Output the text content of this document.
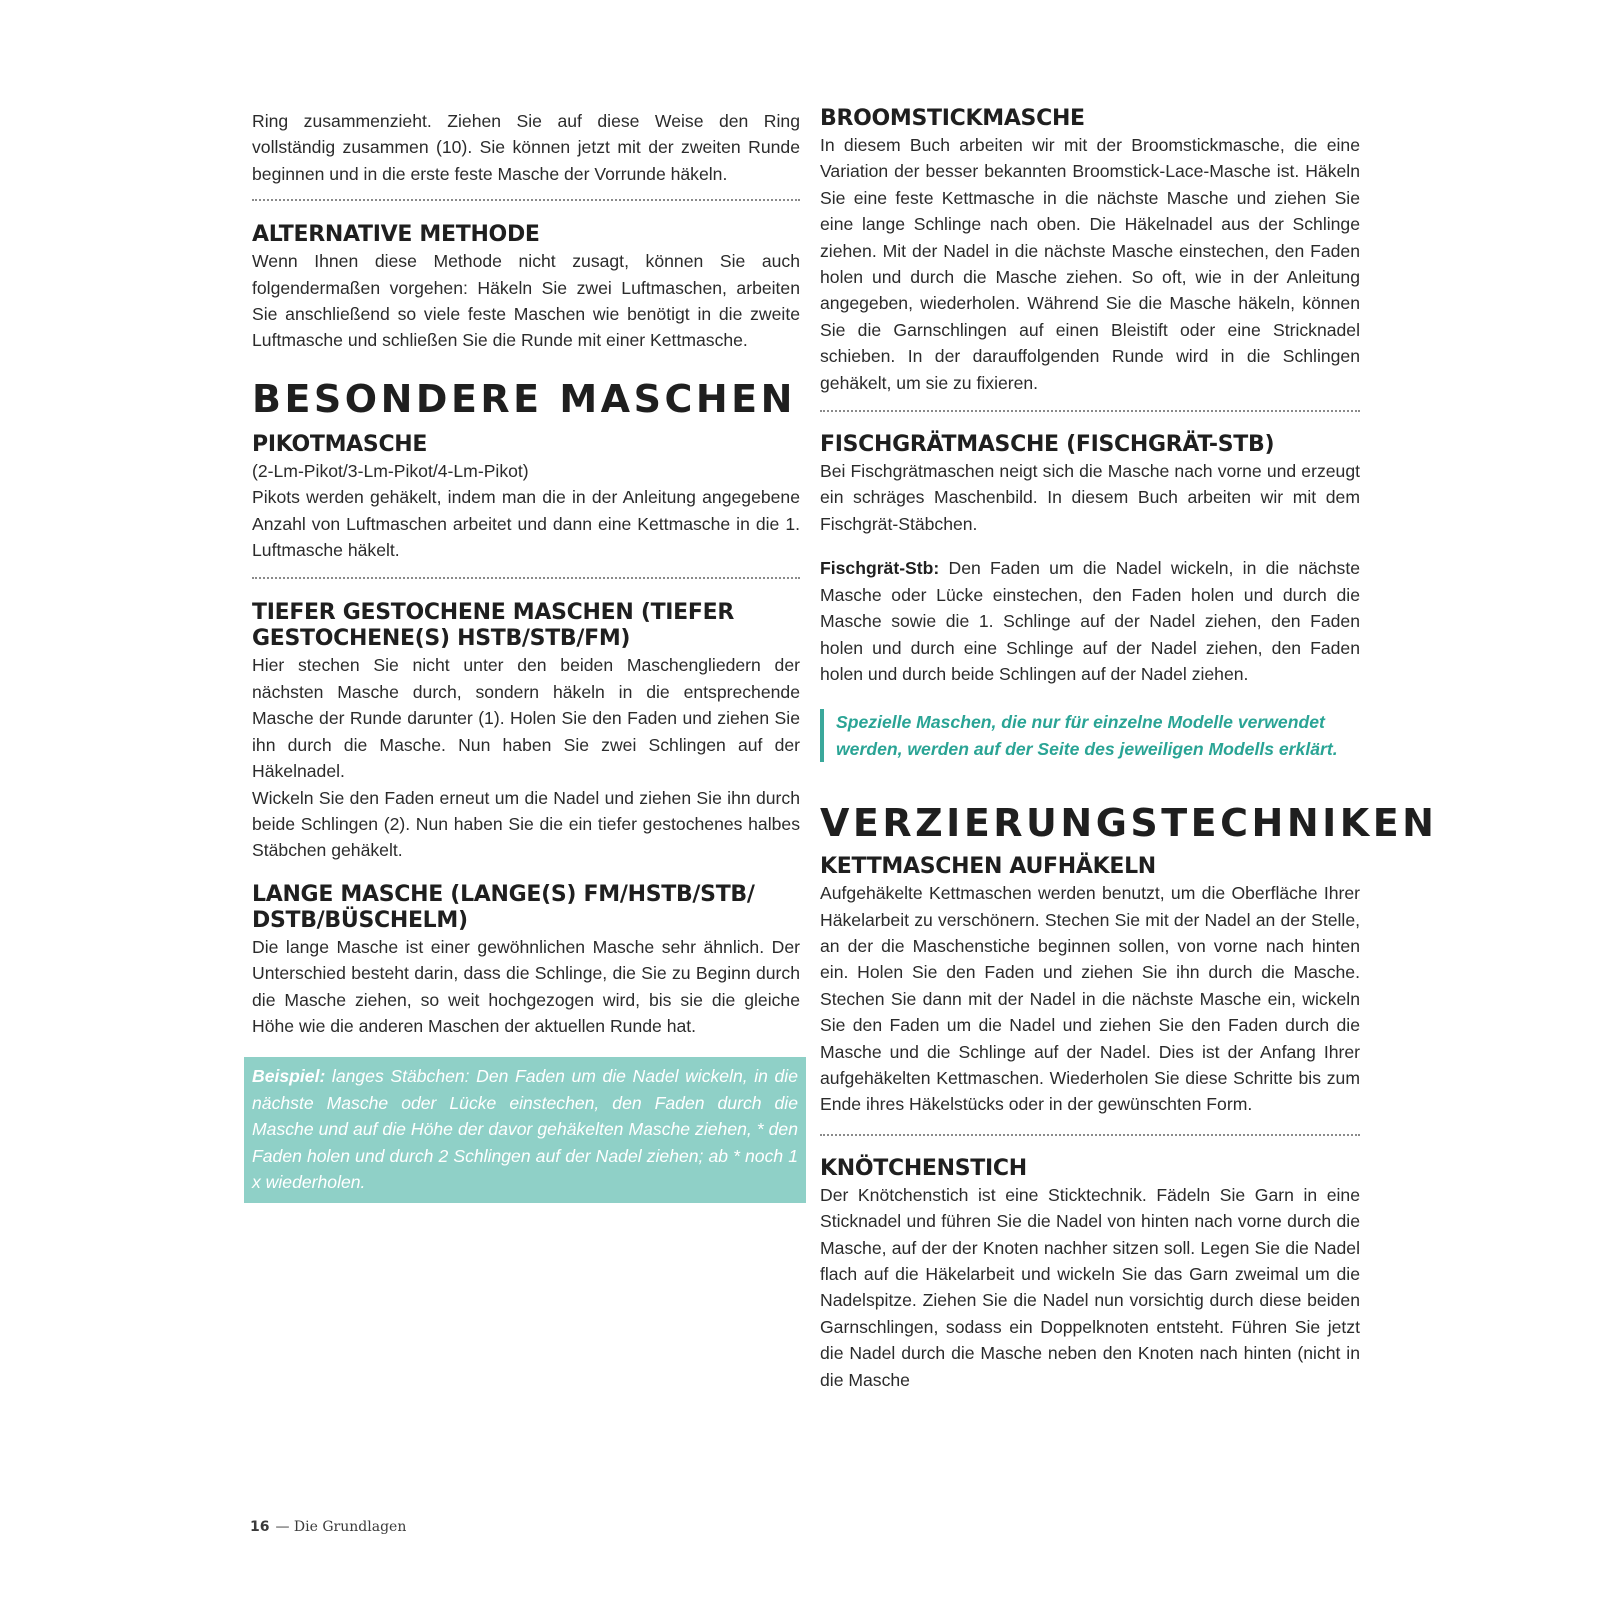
Ring zusammenzieht. Ziehen Sie auf diese Weise den Ring vollständig zusammen (10). Sie können jetzt mit der zweiten Runde beginnen und in die erste feste Masche der Vorrunde häkeln.

ALTERNATIVE METHODE

Wenn Ihnen diese Methode nicht zusagt, können Sie auch folgendermaßen vorgehen: Häkeln Sie zwei Luftmaschen, arbeiten Sie anschließend so viele feste Maschen wie benötigt in die zweite Luftmasche und schließen Sie die Runde mit einer Kettmasche.

BESONDERE MASCHEN
PIKOTMASCHE

(2-Lm-Pikot/3-Lm-Pikot/4-Lm-Pikot)

Pikots werden gehäkelt, indem man die in der Anleitung angegebene Anzahl von Luftmaschen arbeitet und dann eine Kettmasche in die 1. Luftmasche häkelt.

TIEFER GESTOCHENE MASCHEN (TIEFER GESTOCHENE(S) HSTB/STB/FM)

Hier stechen Sie nicht unter den beiden Maschengliedern der nächsten Masche durch, sondern häkeln in die entsprechende Masche der Runde darunter (1). Holen Sie den Faden und ziehen Sie ihn durch die Masche. Nun haben Sie zwei Schlingen auf der Häkelnadel.

Wickeln Sie den Faden erneut um die Nadel und ziehen Sie ihn durch beide Schlingen (2). Nun haben Sie die ein tiefer gestochenes halbes Stäbchen gehäkelt.

LANGE MASCHE (LANGE(S) FM/HSTB/STB/ DSTB/BÜSCHELM)

Die lange Masche ist einer gewöhnlichen Masche sehr ähnlich. Der Unterschied besteht darin, dass die Schlinge, die Sie zu Beginn durch die Masche ziehen, so weit hochgezogen wird, bis sie die gleiche Höhe wie die anderen Maschen der aktuellen Runde hat.

Beispiel: langes Stäbchen: Den Faden um die Nadel wickeln, in die nächste Masche oder Lücke einstechen, den Faden durch die Masche und auf die Höhe der davor gehäkelten Masche ziehen, * den Faden holen und durch 2 Schlingen auf der Nadel ziehen; ab * noch 1 x wiederholen.

BROOMSTICKMASCHE

In diesem Buch arbeiten wir mit der Broomstickmasche, die eine Variation der besser bekannten Broomstick-Lace-Masche ist. Häkeln Sie eine feste Kettmasche in die nächste Masche und ziehen Sie eine lange Schlinge nach oben. Die Häkelnadel aus der Schlinge ziehen. Mit der Nadel in die nächste Masche einstechen, den Faden holen und durch die Masche ziehen. So oft, wie in der Anleitung angegeben, wiederholen. Während Sie die Masche häkeln, können Sie die Garnschlingen auf einen Bleistift oder eine Stricknadel schieben. In der darauffolgenden Runde wird in die Schlingen gehäkelt, um sie zu fixieren.

FISCHGRÄTMASCHE (FISCHGRÄT-STB)

Bei Fischgrätmaschen neigt sich die Masche nach vorne und erzeugt ein schräges Maschenbild. In diesem Buch arbeiten wir mit dem Fischgrät-Stäbchen.

Fischgrät-Stb: Den Faden um die Nadel wickeln, in die nächste Masche oder Lücke einstechen, den Faden holen und durch die Masche sowie die 1. Schlinge auf der Nadel ziehen, den Faden holen und durch eine Schlinge auf der Nadel ziehen, den Faden holen und durch beide Schlingen auf der Nadel ziehen.

Spezielle Maschen, die nur für einzelne Modelle verwendet werden, werden auf der Seite des jeweiligen Modells erklärt.

VERZIERUNGSTECHNIKEN
KETTMASCHEN AUFHÄKELN

Aufgehäkelte Kettmaschen werden benutzt, um die Oberfläche Ihrer Häkelarbeit zu verschönern. Stechen Sie mit der Nadel an der Stelle, an der die Maschenstiche beginnen sollen, von vorne nach hinten ein. Holen Sie den Faden und ziehen Sie ihn durch die Masche. Stechen Sie dann mit der Nadel in die nächste Masche ein, wickeln Sie den Faden um die Nadel und ziehen Sie den Faden durch die Masche und die Schlinge auf der Nadel. Dies ist der Anfang Ihrer aufgehäkelten Kettmaschen. Wiederholen Sie diese Schritte bis zum Ende ihres Häkelstücks oder in der gewünschten Form.

KNÖTCHENSTICH

Der Knötchenstich ist eine Sticktechnik. Fädeln Sie Garn in eine Sticknadel und führen Sie die Nadel von hinten nach vorne durch die Masche, auf der der Knoten nachher sitzen soll. Legen Sie die Nadel flach auf die Häkelarbeit und wickeln Sie das Garn zweimal um die Nadelspitze. Ziehen Sie die Nadel nun vorsichtig durch diese beiden Garnschlingen, sodass ein Doppelknoten entsteht. Führen Sie jetzt die Nadel durch die Masche neben den Knoten nach hinten (nicht in die Masche

16 — Die Grundlagen
